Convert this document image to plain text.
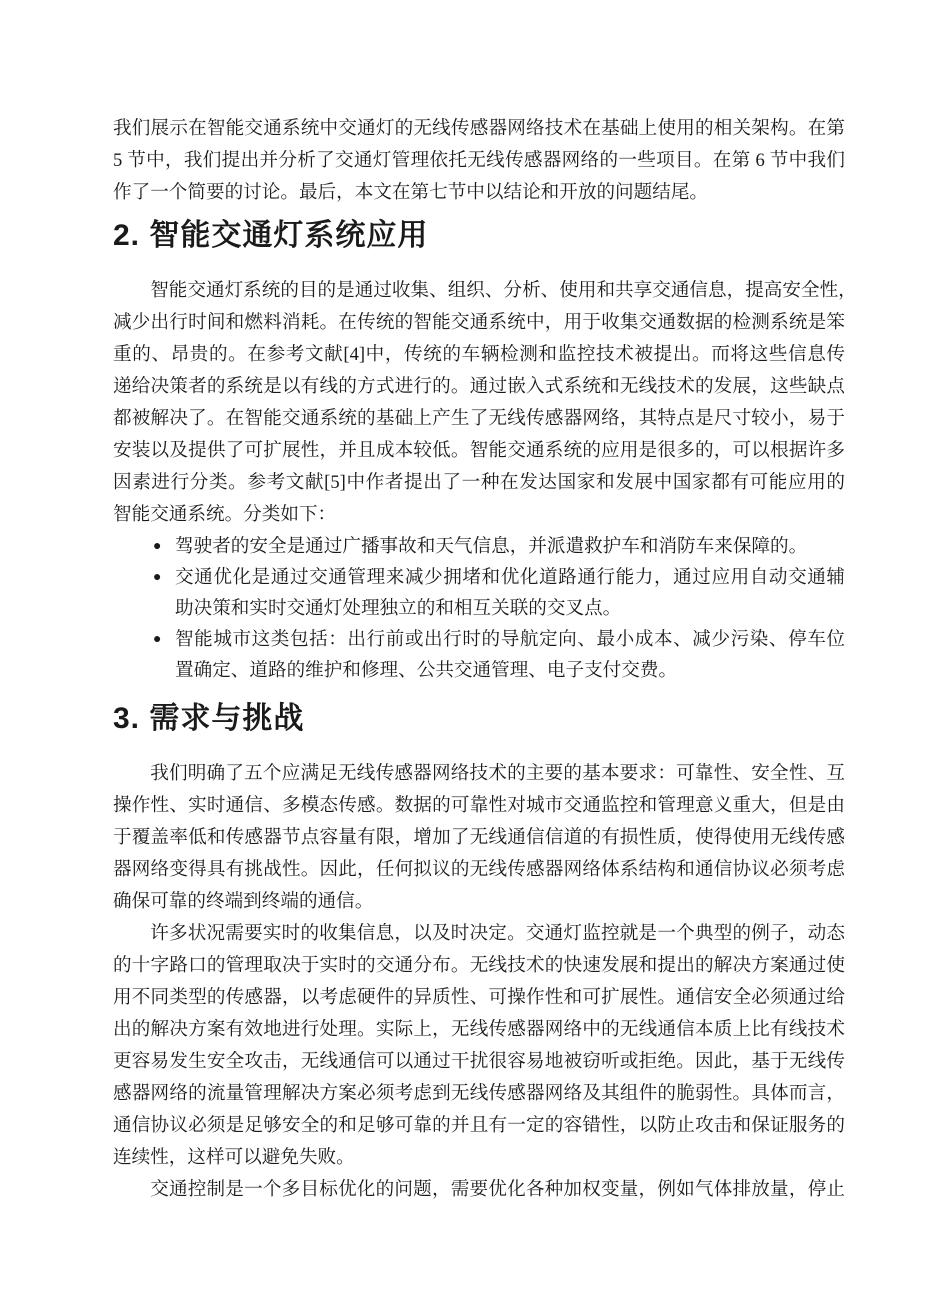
我们展示在智能交通系统中交通灯的无线传感器网络技术在基础上使用的相关架构。在第
5 节中，我们提出并分析了交通灯管理依托无线传感器网络的一些项目。在第 6 节中我们
作了一个简要的讨论。最后，本文在第七节中以结论和开放的问题结尾。
2. 智能交通灯系统应用
智能交通灯系统的目的是通过收集、组织、分析、使用和共享交通信息，提高安全性，
减少出行时间和燃料消耗。在传统的智能交通系统中，用于收集交通数据的检测系统是笨
重的、昂贵的。在参考文献[4]中，传统的车辆检测和监控技术被提出。而将这些信息传
递给决策者的系统是以有线的方式进行的。通过嵌入式系统和无线技术的发展，这些缺点
都被解决了。在智能交通系统的基础上产生了无线传感器网络，其特点是尺寸较小，易于
安装以及提供了可扩展性，并且成本较低。智能交通系统的应用是很多的，可以根据许多
因素进行分类。参考文献[5]中作者提出了一种在发达国家和发展中国家都有可能应用的
智能交通系统。分类如下：
● 驾驶者的安全是通过广播事故和天气信息，并派遣救护车和消防车来保障的。
● 交通优化是通过交通管理来减少拥堵和优化道路通行能力，通过应用自动交通辅
助决策和实时交通灯处理独立的和相互关联的交叉点。
● 智能城市这类包括：出行前或出行时的导航定向、最小成本、减少污染、停车位
置确定、道路的维护和修理、公共交通管理、电子支付交费。
3. 需求与挑战
我们明确了五个应满足无线传感器网络技术的主要的基本要求：可靠性、安全性、互
操作性、实时通信、多模态传感。数据的可靠性对城市交通监控和管理意义重大，但是由
于覆盖率低和传感器节点容量有限，增加了无线通信信道的有损性质，使得使用无线传感
器网络变得具有挑战性。因此，任何拟议的无线传感器网络体系结构和通信协议必须考虑
确保可靠的终端到终端的通信。
许多状况需要实时的收集信息，以及时决定。交通灯监控就是一个典型的例子，动态
的十字路口的管理取决于实时的交通分布。无线技术的快速发展和提出的解决方案通过使
用不同类型的传感器，以考虑硬件的异质性、可操作性和可扩展性。通信安全必须通过给
出的解决方案有效地进行处理。实际上，无线传感器网络中的无线通信本质上比有线技术
更容易发生安全攻击，无线通信可以通过干扰很容易地被窃听或拒绝。因此，基于无线传
感器网络的流量管理解决方案必须考虑到无线传感器网络及其组件的脆弱性。具体而言，
通信协议必须是足够安全的和足够可靠的并且有一定的容错性，以防止攻击和保证服务的
连续性，这样可以避免失败。
交通控制是一个多目标优化的问题，需要优化各种加权变量，例如气体排放量，停止
